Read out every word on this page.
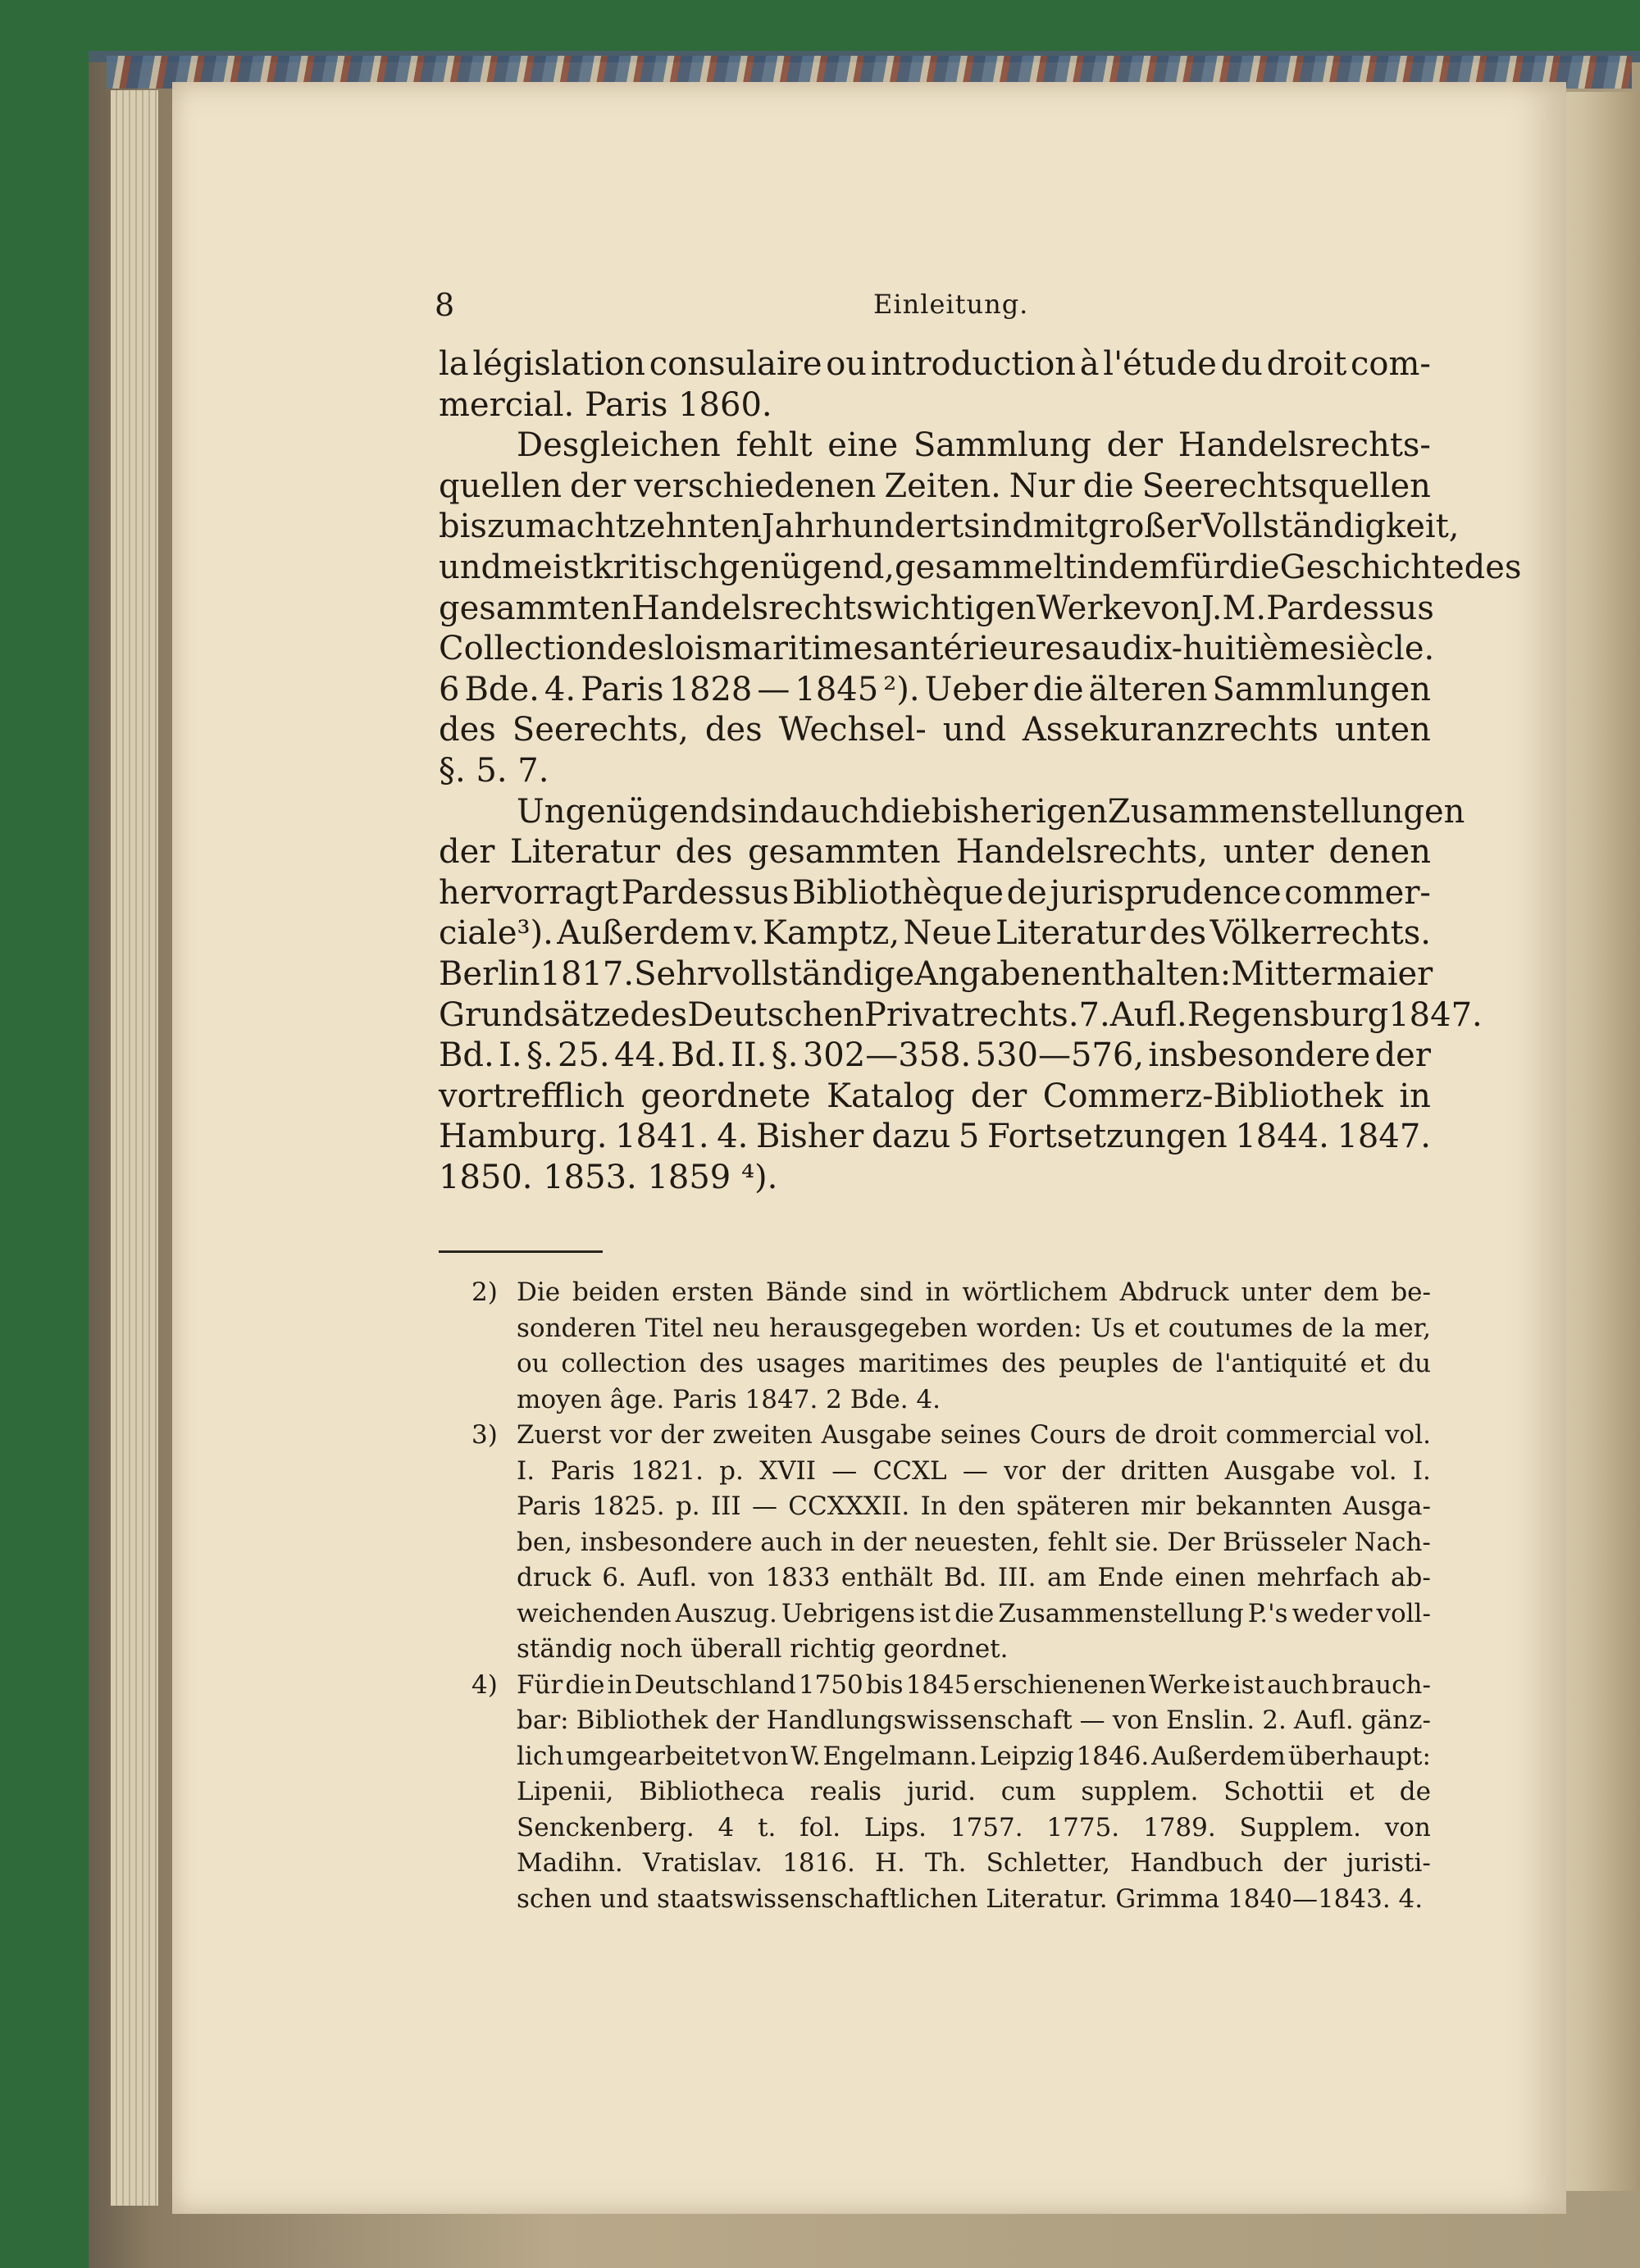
8	Einleitung.
la législation consulaire ou introduction à l'étude du droit com-
mercial. Paris 1860.
Desgleichen fehlt eine Sammlung der Handelsrechts-
quellen der verschiedenen Zeiten. Nur die Seerechtsquellen
bis zum achtzehnten Jahrhundert sind mit großer Vollständigkeit,
und meist kritisch genügend, gesammelt in dem für die Geschichte des
gesammten Handelsrechts wichtigen Werke von J. M. Pardessus
Collection des lois maritimes antérieures au dix-huitième siècle.
6 Bde. 4. Paris 1828 — 1845 ²). Ueber die älteren Sammlungen
des Seerechts, des Wechsel- und Assekuranzrechts unten
§. 5. 7.
Ungenügend sind auch die bisherigen Zusammenstellungen
der Literatur des gesammten Handelsrechts, unter denen
hervorragt Pardessus Bibliothèque de jurisprudence commer-
ciale³). Außerdem v. Kamptz, Neue Literatur des Völkerrechts.
Berlin 1817. Sehr vollständige Angaben enthalten: Mittermaier
Grundsätze des Deutschen Privatrechts. 7. Aufl. Regensburg 1847.
Bd. I. §. 25. 44. Bd. II. §. 302—358. 530—576, insbesondere der
vortrefflich geordnete Katalog der Commerz-Bibliothek in
Hamburg. 1841. 4. Bisher dazu 5 Fortsetzungen 1844. 1847.
1850. 1853. 1859 ⁴).
2) Die beiden ersten Bände sind in wörtlichem Abdruck unter dem be-
sonderen Titel neu herausgegeben worden: Us et coutumes de la mer,
ou collection des usages maritimes des peuples de l'antiquité et du
moyen âge. Paris 1847. 2 Bde. 4.
3) Zuerst vor der zweiten Ausgabe seines Cours de droit commercial vol.
I. Paris 1821. p. XVII — CCXL — vor der dritten Ausgabe vol. I.
Paris 1825. p. III — CCXXXII. In den späteren mir bekannten Ausga-
ben, insbesondere auch in der neuesten, fehlt sie. Der Brüsseler Nach-
druck 6. Aufl. von 1833 enthält Bd. III. am Ende einen mehrfach ab-
weichenden Auszug. Uebrigens ist die Zusammenstellung P.'s weder voll-
ständig noch überall richtig geordnet.
4) Für die in Deutschland 1750 bis 1845 erschienenen Werke ist auch brauch-
bar: Bibliothek der Handlungswissenschaft — von Enslin. 2. Aufl. gänz-
lich umgearbeitet von W. Engelmann. Leipzig 1846. Außerdem überhaupt:
Lipenii, Bibliotheca realis jurid. cum supplem. Schottii et de
Senckenberg. 4 t. fol. Lips. 1757. 1775. 1789. Supplem. von
Madihn. Vratislav. 1816. H. Th. Schletter, Handbuch der juristi-
schen und staatswissenschaftlichen Literatur. Grimma 1840—1843. 4.
